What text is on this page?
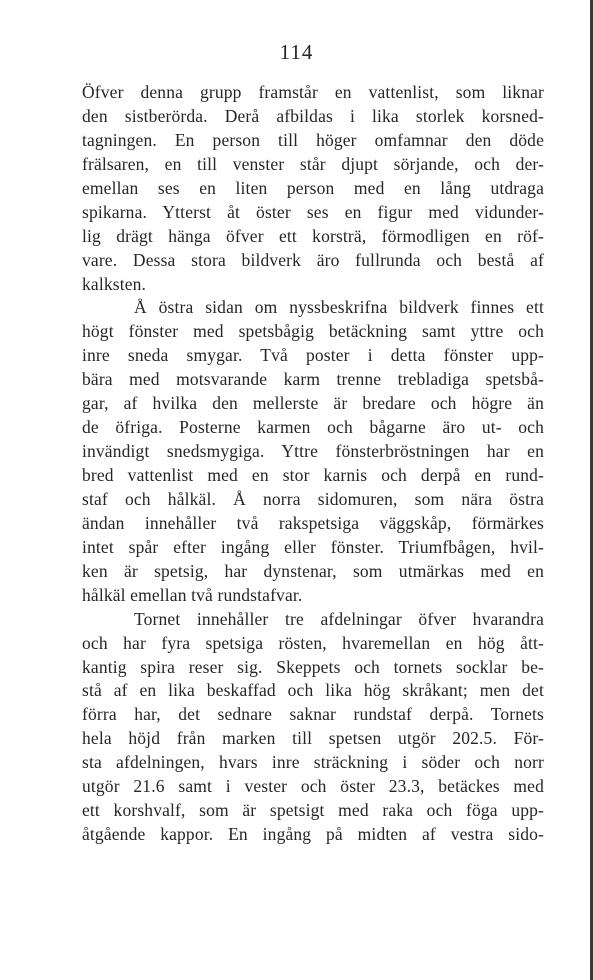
114
Öfver denna grupp framstår en vattenlist, som liknar
den sistberörda. Derå afbildas i lika storlek korsned-
tagningen. En person till höger omfamnar den döde
frälsaren, en till venster står djupt sörjande, och der-
emellan ses en liten person med en lång utdraga
spikarna. Ytterst åt öster ses en figur med vidunder-
lig drägt hänga öfver ett korsträ, förmodligen en röf-
vare. Dessa stora bildverk äro fullrunda och bestå af
kalksten.
Å östra sidan om nyssbeskrifna bildverk finnes ett
högt fönster med spetsbågig betäckning samt yttre och
inre sneda smygar. Två poster i detta fönster upp-
bära med motsvarande karm trenne trebladiga spetsbå-
gar, af hvilka den mellerste är bredare och högre än
de öfriga. Posterne karmen och bågarne äro ut- och
invändigt snedsmygiga. Yttre fönsterbröstningen har en
bred vattenlist med en stor karnis och derpå en rund-
staf och hålkäl. Å norra sidomuren, som nära östra
ändan innehåller två rakspetsiga väggskåp, förmärkes
intet spår efter ingång eller fönster. Triumfbågen, hvil-
ken är spetsig, har dynstenar, som utmärkas med en
hålkäl emellan två rundstafvar.
Tornet innehåller tre afdelningar öfver hvarandra
och har fyra spetsiga rösten, hvaremellan en hög ått-
kantig spira reser sig. Skeppets och tornets socklar be-
stå af en lika beskaffad och lika hög skråkant; men det
förra har, det sednare saknar rundstaf derpå. Tornets
hela höjd från marken till spetsen utgör 202.5. För-
sta afdelningen, hvars inre sträckning i söder och norr
utgör 21.6 samt i vester och öster 23.3, betäckes med
ett korshvalf, som är spetsigt med raka och föga upp-
åtgående kappor. En ingång på midten af vestra sido-
